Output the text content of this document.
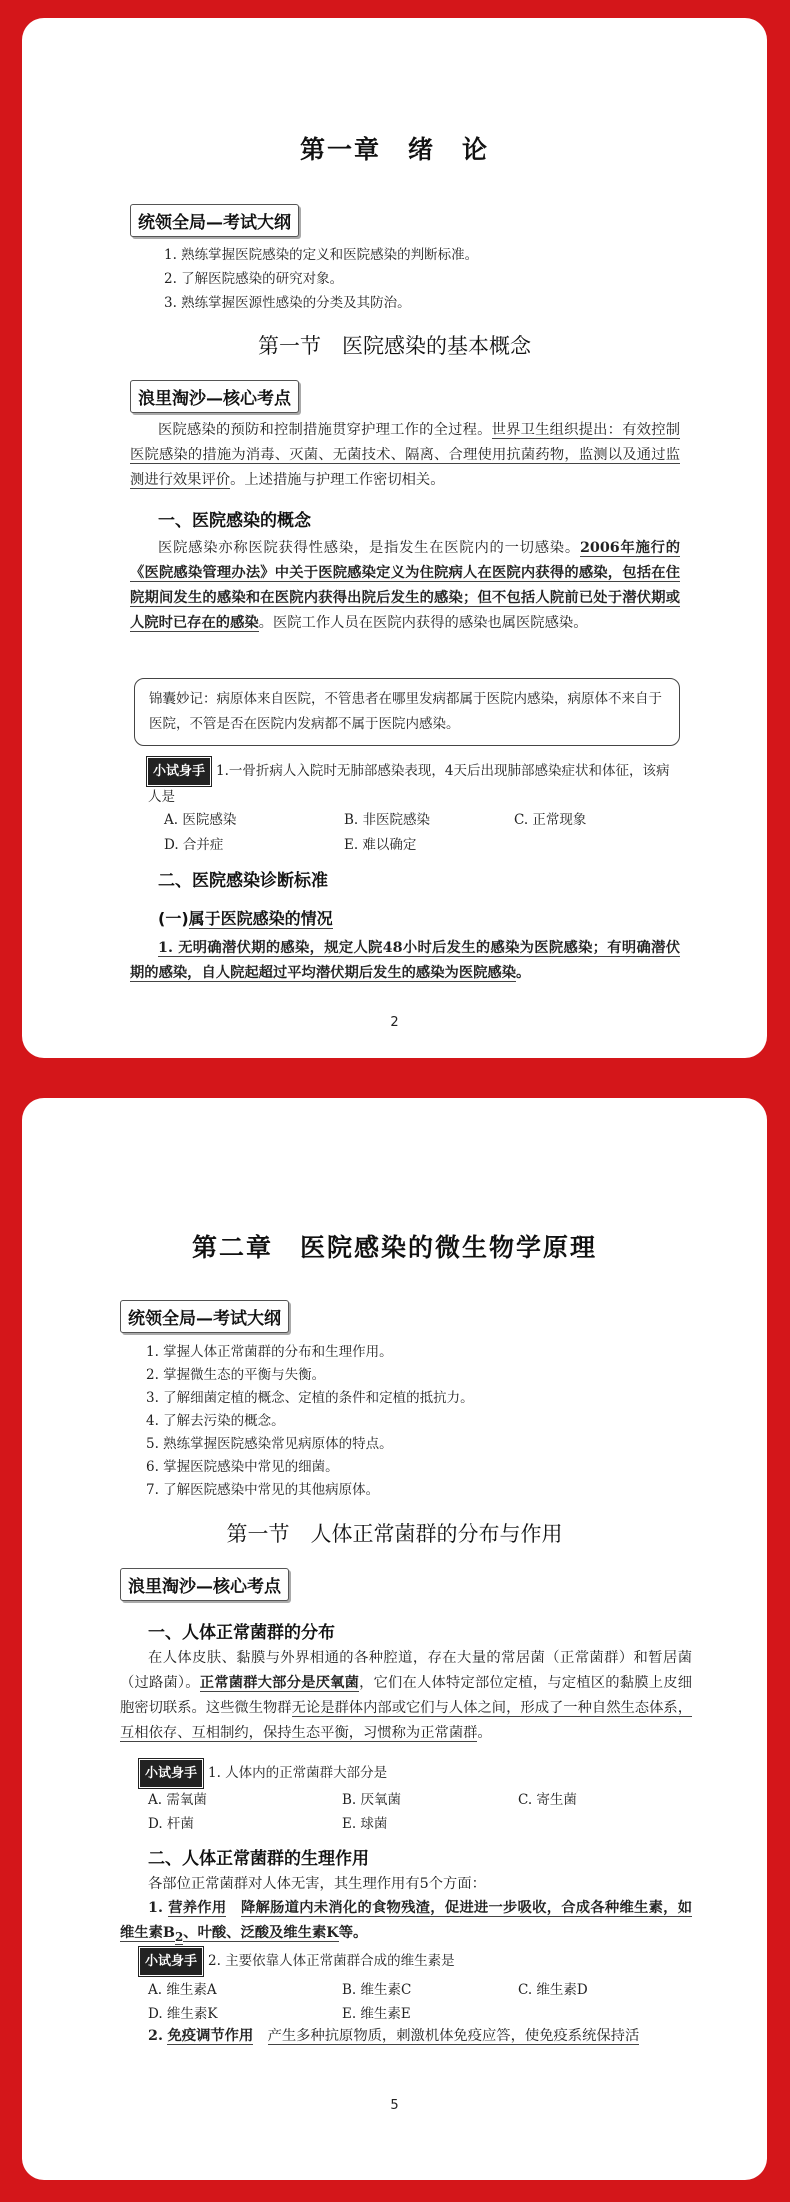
第一章　绪　论
统领全局—考试大纲
1. 熟练掌握医院感染的定义和医院感染的判断标准。
2. 了解医院感染的研究对象。
3. 熟练掌握医源性感染的分类及其防治。
第一节　医院感染的基本概念
浪里淘沙—核心考点
医院感染的预防和控制措施贯穿护理工作的全过程。世界卫生组织提出：有效控制医院感染的措施为消毒、灭菌、无菌技术、隔离、合理使用抗菌药物，监测以及通过监测进行效果评价。上述措施与护理工作密切相关。
一、医院感染的概念
医院感染亦称医院获得性感染，是指发生在医院内的一切感染。2006年施行的《医院感染管理办法》中关于医院感染定义为住院病人在医院内获得的感染，包括在住院期间发生的感染和在医院内获得出院后发生的感染；但不包括人院前已处于潜伏期或人院时已存在的感染。医院工作人员在医院内获得的感染也属医院感染。
锦囊妙记：病原体来自医院，不管患者在哪里发病都属于医院内感染，病原体不来自于医院，不管是否在医院内发病都不属于医院内感染。
小试身手 1.一骨折病人入院时无肺部感染表现，4天后出现肺部感染症状和体征，该病人是
A. 医院感染	B. 非医院感染	C. 正常现象
D. 合并症	E. 难以确定
二、医院感染诊断标准
(一)属于医院感染的情况
1. 无明确潜伏期的感染，规定人院48小时后发生的感染为医院感染；有明确潜伏期的感染，自人院起超过平均潜伏期后发生的感染为医院感染。
2
第二章　医院感染的微生物学原理
统领全局—考试大纲
1. 掌握人体正常菌群的分布和生理作用。
2. 掌握微生态的平衡与失衡。
3. 了解细菌定植的概念、定植的条件和定植的抵抗力。
4. 了解去污染的概念。
5. 熟练掌握医院感染常见病原体的特点。
6. 掌握医院感染中常见的细菌。
7. 了解医院感染中常见的其他病原体。
第一节　人体正常菌群的分布与作用
浪里淘沙—核心考点
一、人体正常菌群的分布
在人体皮肤、黏膜与外界相通的各种腔道，存在大量的常居菌（正常菌群）和暂居菌（过路菌）。正常菌群大部分是厌氧菌，它们在人体特定部位定植，与定植区的黏膜上皮细胞密切联系。这些微生物群无论是群体内部或它们与人体之间，形成了一种自然生态体系，互相依存、互相制约，保持生态平衡，习惯称为正常菌群。
小试身手 1. 人体内的正常菌群大部分是
A. 需氧菌	B. 厌氧菌	C. 寄生菌
D. 杆菌	E. 球菌
二、人体正常菌群的生理作用
各部位正常菌群对人体无害，其生理作用有5个方面：
1. 营养作用　 降解肠道内未消化的食物残渣，促进进一步吸收，合成各种维生素，如维生素$B_2$、叶酸、泛酸及维生素K等。
小试身手 2. 主要依靠人体正常菌群合成的维生素是
A. 维生素A	B. 维生素C	C. 维生素D
D. 维生素K	E. 维生素E
2. 免疫调节作用　 产生多种抗原物质，刺激机体免疫应答，使免疫系统保持活
5
